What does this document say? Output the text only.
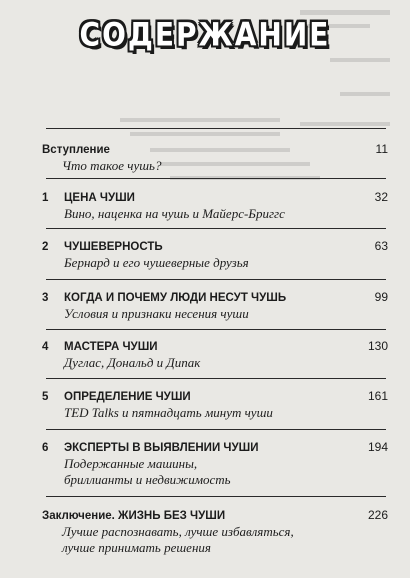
СОДЕРЖАНИЕ
Вступление	11
Что такое чушь?
1	ЦЕНА ЧУШИ	32
Вино, наценка на чушь и Майерс-Бриггс
2	ЧУШЕВЕРНОСТЬ	63
Бернард и его чушеверные друзья
3	КОГДА И ПОЧЕМУ ЛЮДИ НЕСУТ ЧУШЬ	99
Условия и признаки несения чуши
4	МАСТЕРА ЧУШИ	130
Дуглас, Дональд и Дипак
5	ОПРЕДЕЛЕНИЕ ЧУШИ	161
TED Talks и пятнадцать минут чуши
6	ЭКСПЕРТЫ В ВЫЯВЛЕНИИ ЧУШИ	194
Подержанные машины,
бриллианты и недвижимость
Заключение. ЖИЗНЬ БЕЗ ЧУШИ	226
Лучше распознавать, лучше избавляться,
лучше принимать решения
